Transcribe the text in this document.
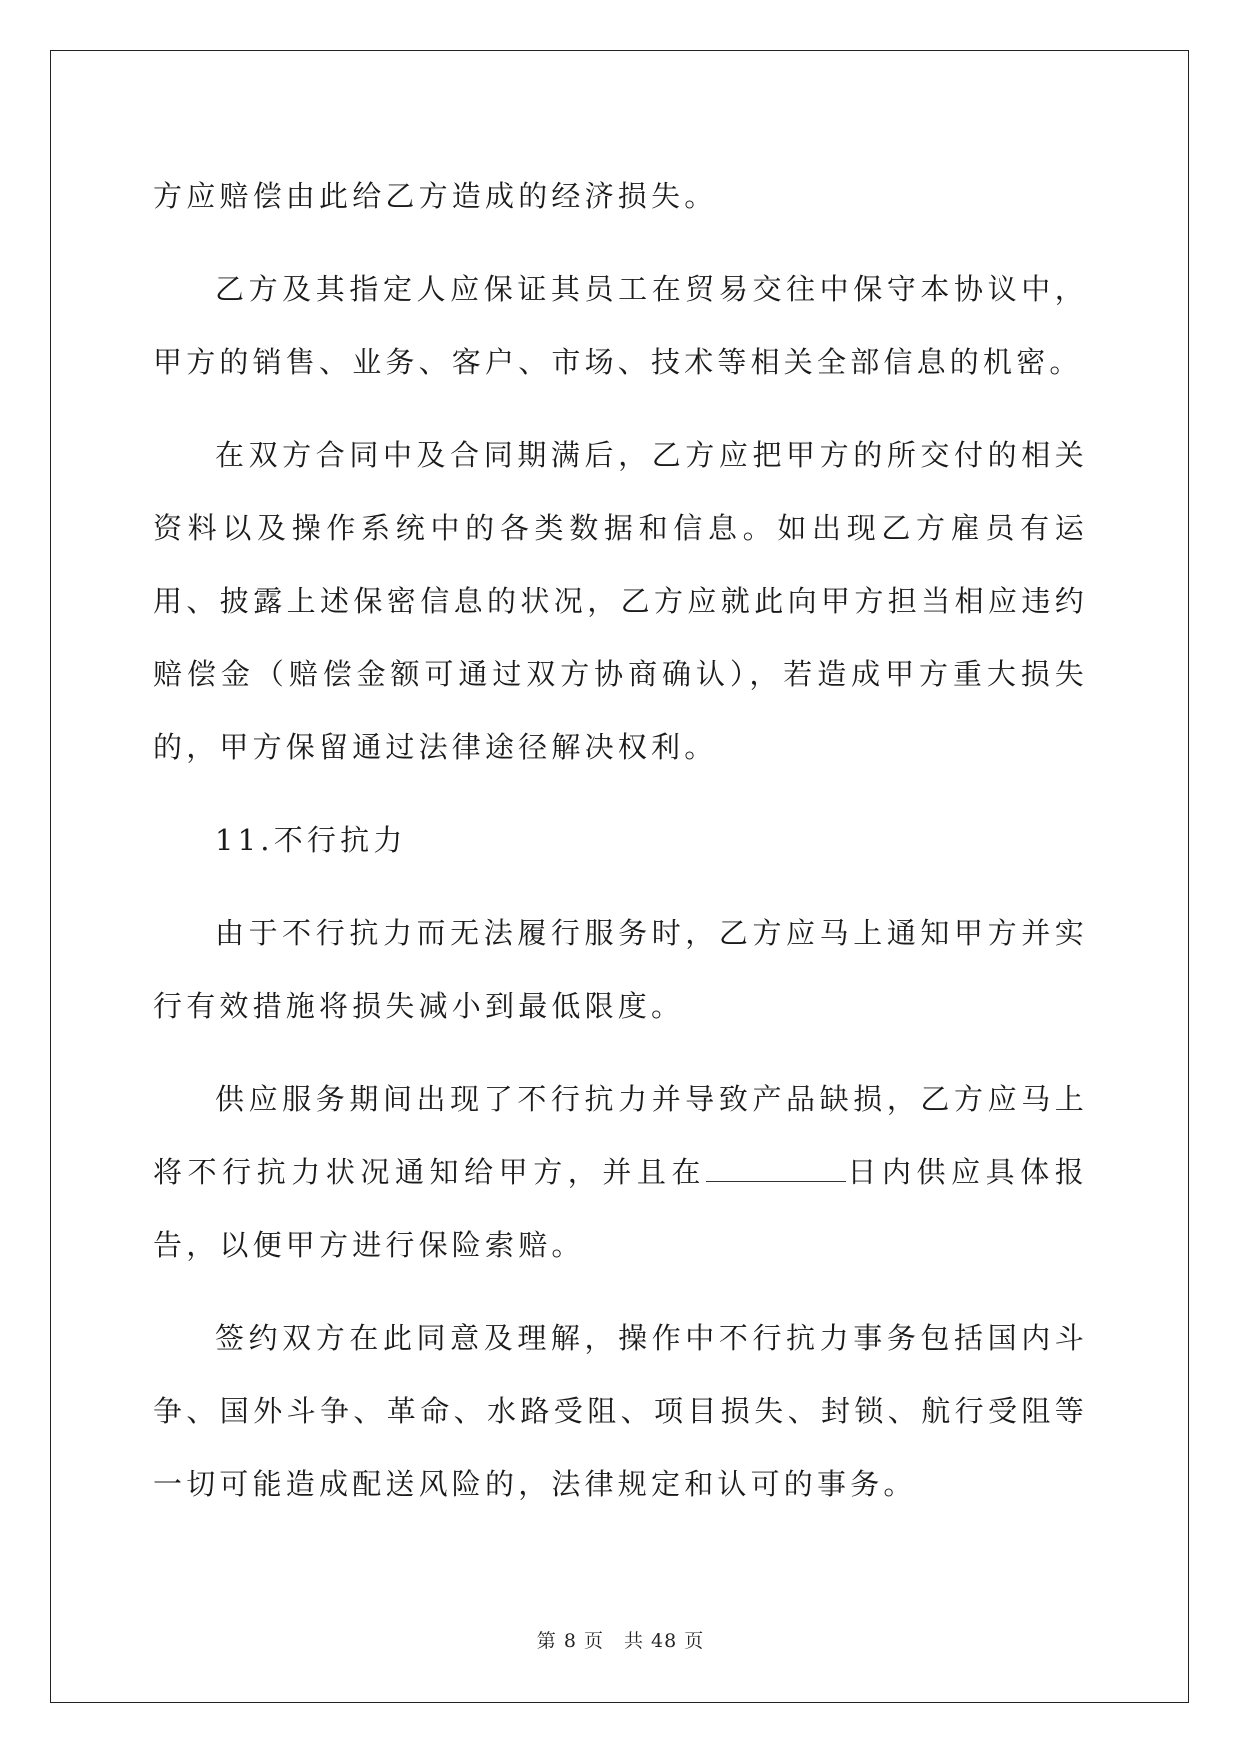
方应赔偿由此给乙方造成的经济损失。

乙方及其指定人应保证其员工在贸易交往中保守本协议中，甲方的销售、业务、客户、市场、技术等相关全部信息的机密。

在双方合同中及合同期满后，乙方应把甲方的所交付的相关资料以及操作系统中的各类数据和信息。如出现乙方雇员有运用、披露上述保密信息的状况，乙方应就此向甲方担当相应违约赔偿金（赔偿金额可通过双方协商确认），若造成甲方重大损失的，甲方保留通过法律途径解决权利。

11.不行抗力

由于不行抗力而无法履行服务时，乙方应马上通知甲方并实行有效措施将损失减小到最低限度。

供应服务期间出现了不行抗力并导致产品缺损，乙方应马上将不行抗力状况通知给甲方，并且在	日内供应具体报告，以便甲方进行保险索赔。

签约双方在此同意及理解，操作中不行抗力事务包括国内斗争、国外斗争、革命、水路受阻、项目损失、封锁、航行受阻等一切可能造成配送风险的，法律规定和认可的事务。

第 8 页　共 48 页
